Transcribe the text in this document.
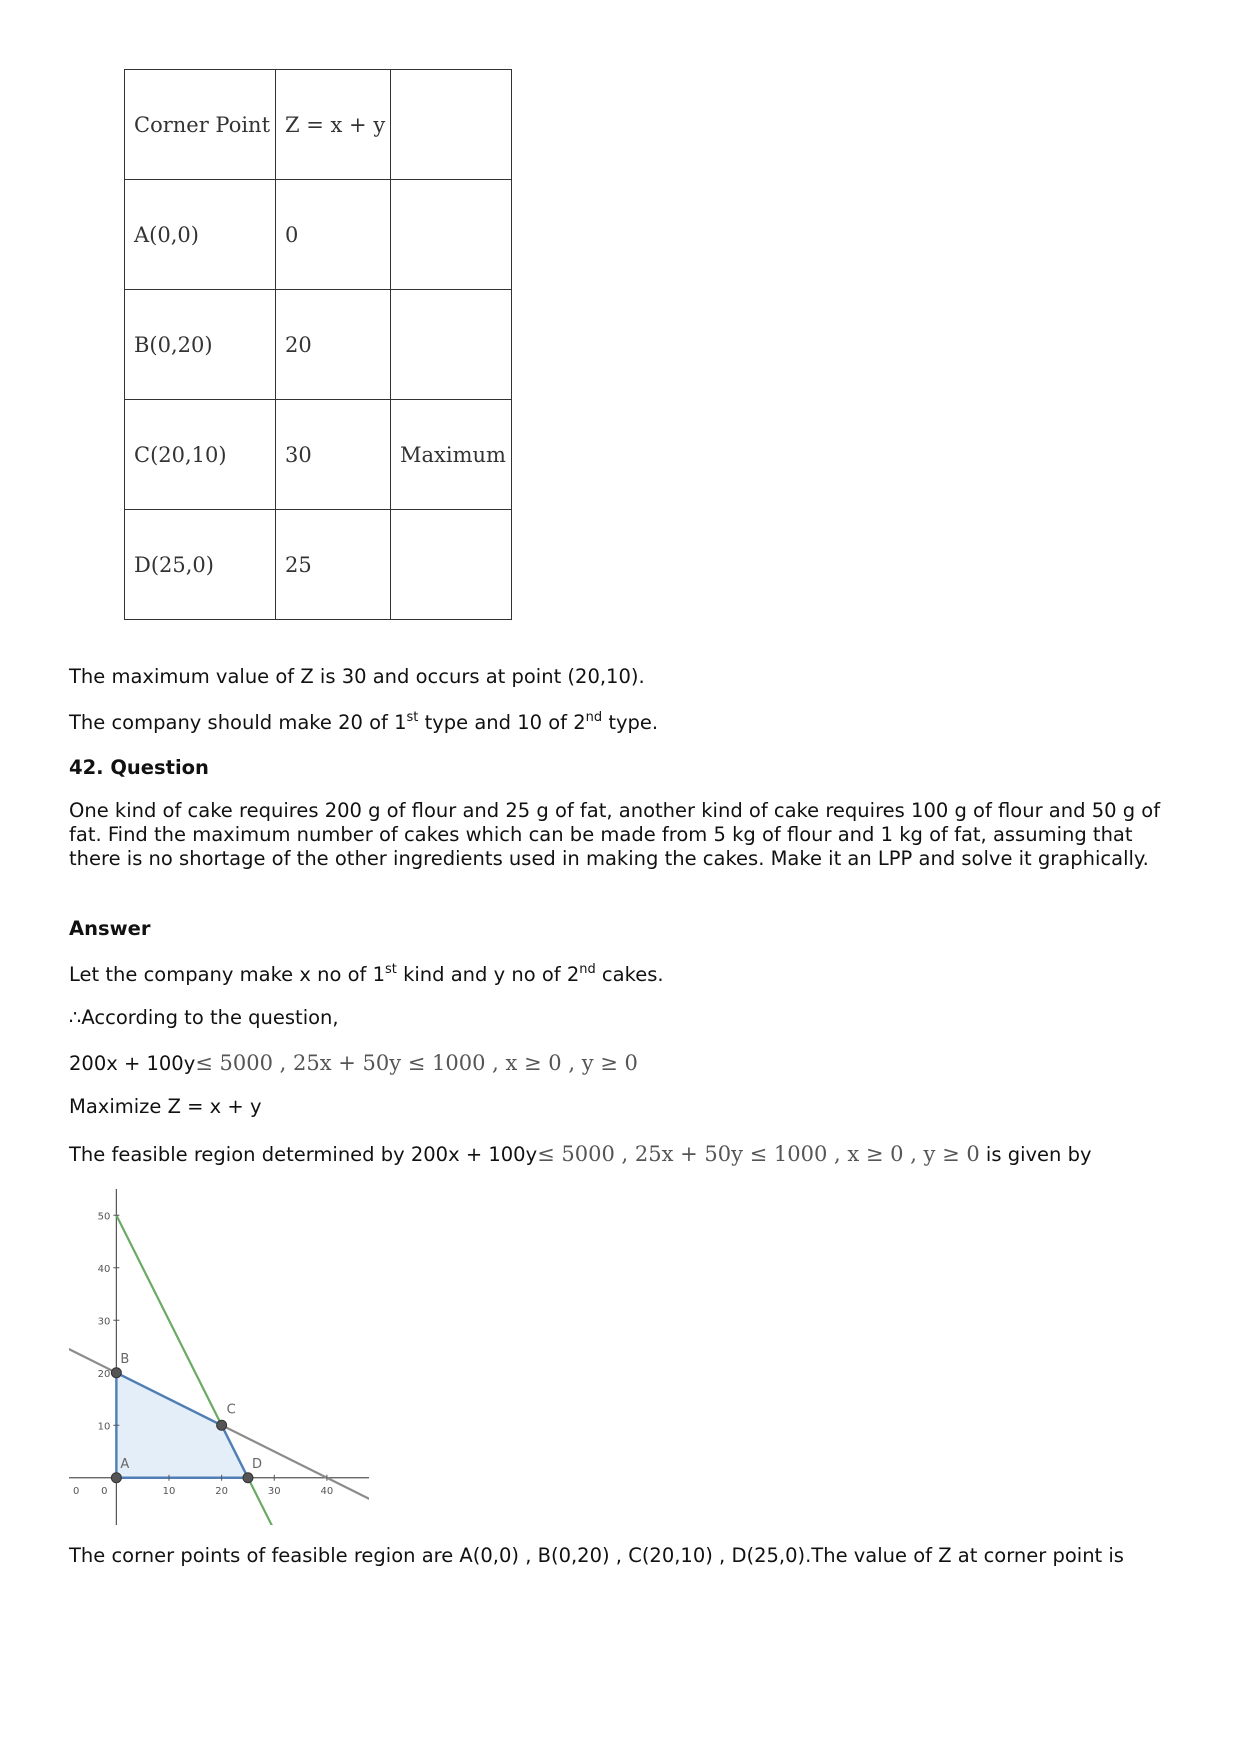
Corner Point	Z = x + y	
A(0,0)	0	
B(0,20)	20	
C(20,10)	30	Maximum
D(25,0)	25	

The maximum value of Z is 30 and occurs at point (20,10).

The company should make 20 of 1st type and 10 of 2nd type.

42. Question

One kind of cake requires 200 g of flour and 25 g of fat, another kind of cake requires 100 g of flour and 50 g of fat. Find the maximum number of cakes which can be made from 5 kg of flour and 1 kg of fat, assuming that there is no shortage of the other ingredients used in making the cakes. Make it an LPP and solve it graphically.

Answer

Let the company make x no of 1st kind and y no of 2nd cakes.

∴According to the question,

200x + 100y≤ 5000 , 25x + 50y ≤ 1000 , x ≥ 0 , y ≥ 0

Maximize Z = x + y

The feasible region determined by 200x + 100y≤ 5000 , 25x + 50y ≤ 1000 , x ≥ 0 , y ≥ 0 is given by

0	10	20	30	40
0
10
20
30
40
50
A
B
C
D

The corner points of feasible region are A(0,0) , B(0,20) , C(20,10) , D(25,0).The value of Z at corner point is
